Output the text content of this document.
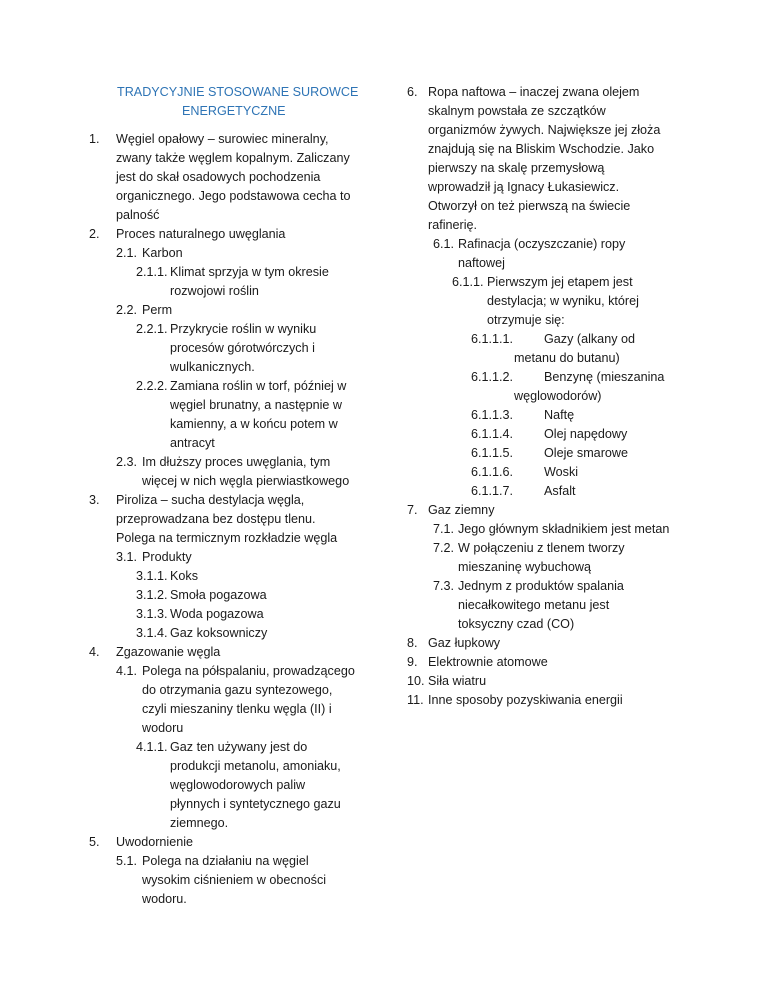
TRADYCYJNIE STOSOWANE SUROWCE
ENERGETYCZNE
1. Węgiel opałowy – surowiec mineralny,
zwany także węglem kopalnym. Zaliczany
jest do skał osadowych pochodzenia
organicznego. Jego podstawowa cecha to
palność
2. Proces naturalnego uwęglania
2.1. Karbon
2.1.1. Klimat sprzyja w tym okresie
rozwojowi roślin
2.2. Perm
2.2.1. Przykrycie roślin w wyniku
procesów górotwórczych i
wulkanicznych.
2.2.2. Zamiana roślin w torf, później w
węgiel brunatny, a następnie w
kamienny, a w końcu potem w
antracyt
2.3. Im dłuższy proces uwęglania, tym
więcej w nich węgla pierwiastkowego
3. Piroliza – sucha destylacja węgla,
przeprowadzana bez dostępu tlenu.
Polega na termicznym rozkładzie węgla
3.1. Produkty
3.1.1. Koks
3.1.2. Smoła pogazowa
3.1.3. Woda pogazowa
3.1.4. Gaz koksowniczy
4. Zgazowanie węgla
4.1. Polega na półspalaniu, prowadzącego
do otrzymania gazu syntezowego,
czyli mieszaniny tlenku węgla (II) i
wodoru
4.1.1. Gaz ten używany jest do
produkcji metanolu, amoniaku,
węglowodorowych paliw
płynnych i syntetycznego gazu
ziemnego.
5. Uwodornienie
5.1. Polega na działaniu na węgiel
wysokim ciśnieniem w obecności
wodoru.
6. Ropa naftowa – inaczej zwana olejem
skalnym powstała ze szczątków
organizmów żywych. Największe jej złoża
znajdują się na Bliskim Wschodzie. Jako
pierwszy na skalę przemysłową
wprowadził ją Ignacy Łukasiewicz.
Otworzył on też pierwszą na świecie
rafinerię.
6.1. Rafinacja (oczyszczanie) ropy
naftowej
6.1.1. Pierwszym jej etapem jest
destylacja; w wyniku, której
otrzymuje się:
6.1.1.1. Gazy (alkany od
metanu do butanu)
6.1.1.2. Benzynę (mieszanina
węglowodorów)
6.1.1.3. Naftę
6.1.1.4. Olej napędowy
6.1.1.5. Oleje smarowe
6.1.1.6. Woski
6.1.1.7. Asfalt
7. Gaz ziemny
7.1. Jego głównym składnikiem jest metan
7.2. W połączeniu z tlenem tworzy
mieszaninę wybuchową
7.3. Jednym z produktów spalania
niecałkowitego metanu jest
toksyczny czad (CO)
8. Gaz łupkowy
9. Elektrownie atomowe
10. Siła wiatru
11. Inne sposoby pozyskiwania energii
